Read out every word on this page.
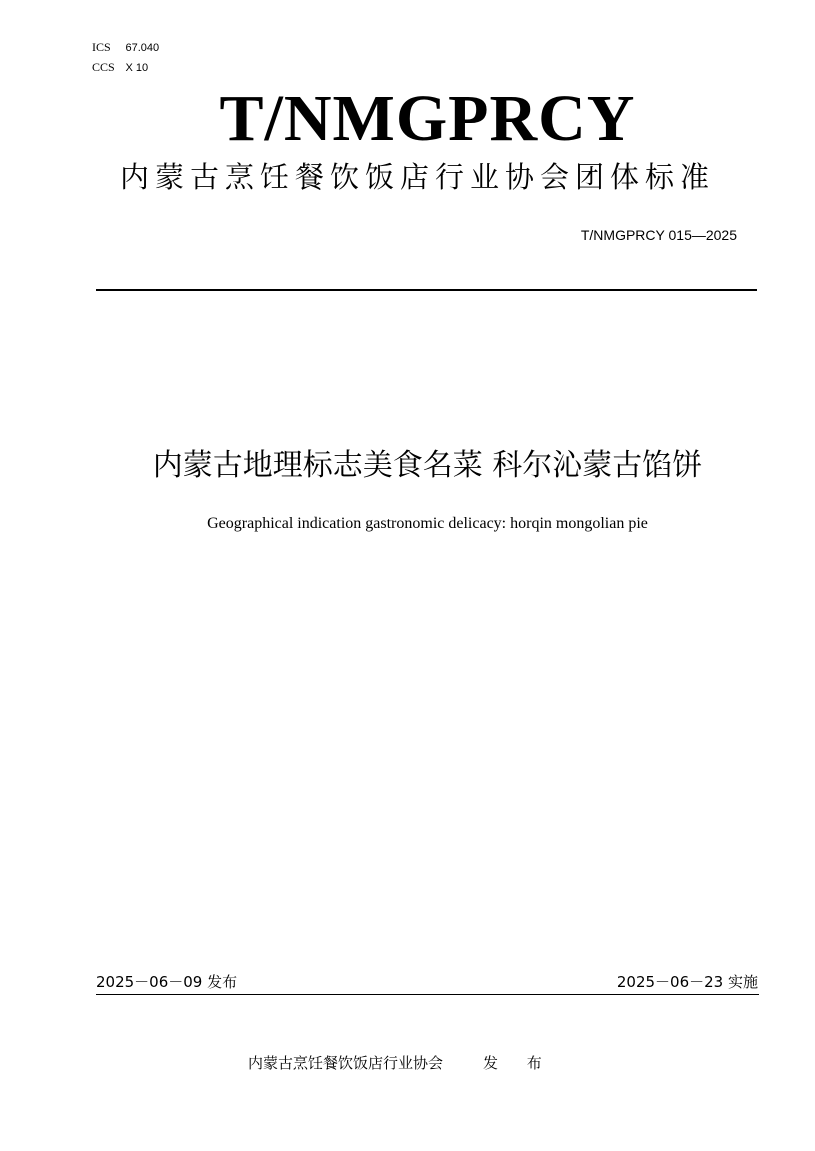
ICS 67.040
CCS X 10
T/NMGPRCY
内蒙古烹饪餐饮饭店行业协会团体标准
T/NMGPRCY 015—2025
内蒙古地理标志美食名菜 科尔沁蒙古馅饼
Geographical indication gastronomic delicacy: horqin mongolian pie
2025－06－09 发布	2025－06－23 实施
内蒙古烹饪餐饮饭店行业协会	发 布
